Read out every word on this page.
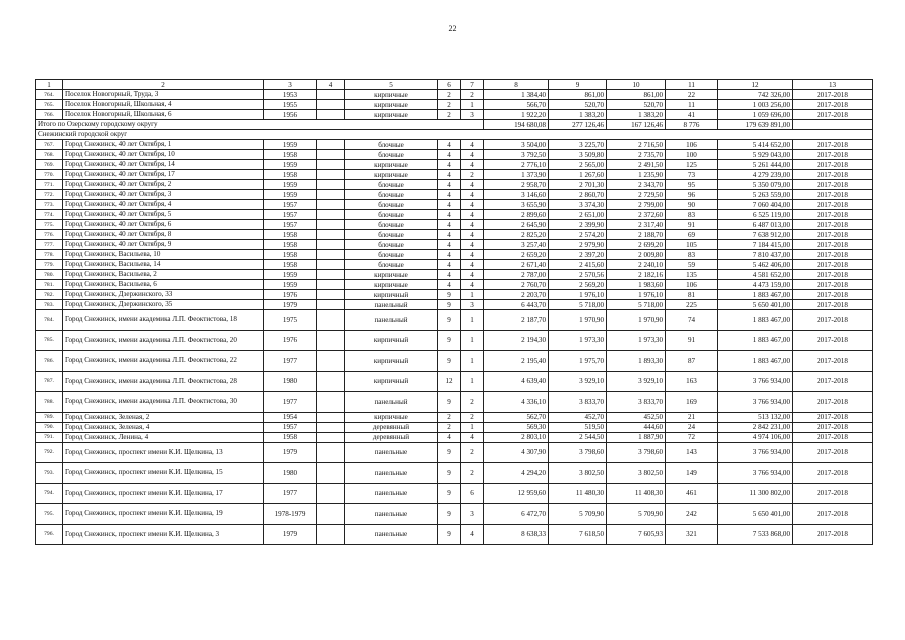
22
1	2	3	4	5	6	7	8	9	10	11	12	13
764.	Поселок Новогорный, Труда, 3	1953		кирпичные	2	2	1 384,40	861,00	861,00	22	742 326,00	2017-2018
765.	Поселок Новогорный, Школьная, 4	1955		кирпичные	2	1	566,70	520,70	520,70	11	1 003 256,00	2017-2018
766.	Поселок Новогорный, Школьная, 6	1956		кирпичные	2	3	1 922,20	1 383,20	1 383,20	41	1 059 696,00	2017-2018
Итого по Озерскому городскому округу							194 680,08	277 126,46	167 126,46	8 776	179 639 891,00	
Снежинский городской округ												
767.	Город Снежинск, 40 лет Октября, 1	1959		блочные	4	4	3 504,00	3 225,70	2 716,50	106	5 414 652,00	2017-2018
768.	Город Снежинск, 40 лет Октября, 10	1958		блочные	4	4	3 792,50	3 509,80	2 735,70	100	5 929 043,00	2017-2018
769.	Город Снежинск, 40 лет Октября, 14	1959		кирпичные	4	4	2 776,10	2 565,00	2 491,50	125	5 261 444,00	2017-2018
770.	Город Снежинск, 40 лет Октября, 17	1958		кирпичные	4	2	1 373,90	1 267,60	1 235,90	73	4 279 239,00	2017-2018
771.	Город Снежинск, 40 лет Октября, 2	1959		блочные	4	4	2 958,70	2 701,30	2 343,70	95	5 350 079,00	2017-2018
772.	Город Снежинск, 40 лет Октября, 3	1959		блочные	4	4	3 146,60	2 860,70	2 729,50	96	5 263 559,00	2017-2018
773.	Город Снежинск, 40 лет Октября, 4	1957		блочные	4	4	3 655,90	3 374,30	2 799,00	90	7 060 404,00	2017-2018
774.	Город Снежинск, 40 лет Октября, 5	1957		блочные	4	4	2 899,60	2 651,00	2 372,60	83	6 525 119,00	2017-2018
775.	Город Снежинск, 40 лет Октября, 6	1957		блочные	4	4	2 645,90	2 399,90	2 317,40	91	6 487 013,00	2017-2018
776.	Город Снежинск, 40 лет Октября, 8	1958		блочные	4	4	2 825,20	2 574,20	2 188,70	69	7 638 912,00	2017-2018
777.	Город Снежинск, 40 лет Октября, 9	1958		блочные	4	4	3 257,40	2 979,90	2 699,20	105	7 184 415,00	2017-2018
778.	Город Снежинск, Васильева, 10	1958		блочные	4	4	2 659,20	2 397,20	2 009,80	83	7 810 437,00	2017-2018
779.	Город Снежинск, Васильева, 14	1958		блочные	4	4	2 671,40	2 415,60	2 240,10	59	5 462 406,00	2017-2018
780.	Город Снежинск, Васильева, 2	1959		кирпичные	4	4	2 787,00	2 570,56	2 182,16	135	4 581 652,00	2017-2018
781.	Город Снежинск, Васильева, 6	1959		кирпичные	4	4	2 760,70	2 569,20	1 983,60	106	4 473 159,00	2017-2018
782.	Город Снежинск, Дзержинского, 33	1976		кирпичный	9	1	2 203,70	1 976,10	1 976,10	81	1 883 467,00	2017-2018
783.	Город Снежинск, Дзержинского, 35	1979		панельный	9	3	6 443,70	5 718,00	5 718,00	225	5 650 401,00	2017-2018
784.	Город Снежинск, имени академика Л.П. Феоктистова, 18	1975		панельный	9	1	2 187,70	1 970,90	1 970,90	74	1 883 467,00	2017-2018
785.	Город Снежинск, имени академика Л.П. Феоктистова, 20	1976		кирпичный	9	1	2 194,30	1 973,30	1 973,30	91	1 883 467,00	2017-2018
786.	Город Снежинск, имени академика Л.П. Феоктистова, 22	1977		кирпичный	9	1	2 195,40	1 975,70	1 893,30	87	1 883 467,00	2017-2018
787.	Город Снежинск, имени академика Л.П. Феоктистова, 28	1980		кирпичный	12	1	4 639,40	3 929,10	3 929,10	163	3 766 934,00	2017-2018
788.	Город Снежинск, имени академика Л.П. Феоктистова, 30	1977		панельный	9	2	4 336,10	3 833,70	3 833,70	169	3 766 934,00	2017-2018
789.	Город Снежинск, Зеленая, 2	1954		кирпичные	2	2	562,70	452,70	452,50	21	513 132,00	2017-2018
790.	Город Снежинск, Зеленая, 4	1957		деревянный	2	1	569,30	519,50	444,60	24	2 842 231,00	2017-2018
791.	Город Снежинск, Ленина, 4	1958		деревянный	4	4	2 803,10	2 544,50	1 887,90	72	4 974 106,00	2017-2018
792.	Город Снежинск, проспект имени К.И. Щелкина, 13	1979		панельные	9	2	4 307,90	3 798,60	3 798,60	143	3 766 934,00	2017-2018
793.	Город Снежинск, проспект имени К.И. Щелкина, 15	1980		панельные	9	2	4 294,20	3 802,50	3 802,50	149	3 766 934,00	2017-2018
794.	Город Снежинск, проспект имени К.И. Щелкина, 17	1977		панельные	9	6	12 959,60	11 480,30	11 408,30	461	11 300 802,00	2017-2018
795.	Город Снежинск, проспект имени К.И. Щелкина, 19	1978-1979		панельные	9	3	6 472,70	5 709,90	5 709,90	242	5 650 401,00	2017-2018
796.	Город Снежинск, проспект имени К.И. Щелкина, 3	1979		панельные	9	4	8 638,33	7 618,50	7 605,93	321	7 533 868,00	2017-2018
